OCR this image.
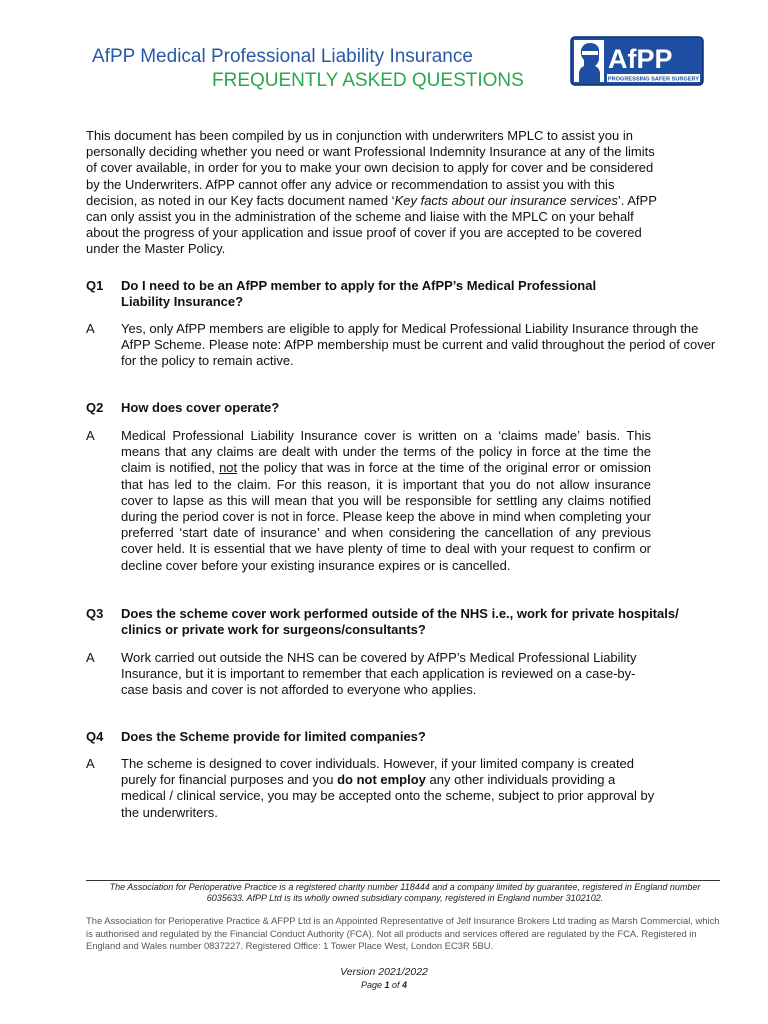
AfPP Medical Professional Liability Insurance
FREQUENTLY ASKED QUESTIONS
AfPP
PROGRESSING SAFER SURGERY
This document has been compiled by us in conjunction with underwriters MPLC to assist you in personally deciding whether you need or want Professional Indemnity Insurance at any of the limits of cover available, in order for you to make your own decision to apply for cover and be considered by the Underwriters. AfPP cannot offer any advice or recommendation to assist you with this decision, as noted in our Key facts document named ‘Key facts about our insurance services’. AfPP can only assist you in the administration of the scheme and liaise with the MPLC on your behalf about the progress of your application and issue proof of cover if you are accepted to be covered under the Master Policy.
Q1	Do I need to be an AfPP member to apply for the AfPP’s Medical Professional Liability Insurance?
A	Yes, only AfPP members are eligible to apply for Medical Professional Liability Insurance through the AfPP Scheme. Please note: AfPP membership must be current and valid throughout the period of cover for the policy to remain active.
Q2	How does cover operate?
A	Medical Professional Liability Insurance cover is written on a ‘claims made’ basis. This means that any claims are dealt with under the terms of the policy in force at the time the claim is notified, not the policy that was in force at the time of the original error or omission that has led to the claim. For this reason, it is important that you do not allow insurance cover to lapse as this will mean that you will be responsible for settling any claims notified during the period cover is not in force. Please keep the above in mind when completing your preferred ‘start date of insurance’ and when considering the cancellation of any previous cover held. It is essential that we have plenty of time to deal with your request to confirm or decline cover before your existing insurance expires or is cancelled.
Q3	Does the scheme cover work performed outside of the NHS i.e., work for private hospitals/ clinics or private work for surgeons/consultants?
A	Work carried out outside the NHS can be covered by AfPP’s Medical Professional Liability Insurance, but it is important to remember that each application is reviewed on a case-by-case basis and cover is not afforded to everyone who applies.
Q4	Does the Scheme provide for limited companies?
A	The scheme is designed to cover individuals. However, if your limited company is created purely for financial purposes and you do not employ any other individuals providing a medical / clinical service, you may be accepted onto the scheme, subject to prior approval by the underwriters.
The Association for Perioperative Practice is a registered charity number 118444 and a company limited by guarantee, registered in England number 6035633. AfPP Ltd is its wholly owned subsidiary company, registered in England number 3102102.
The Association for Perioperative Practice & AFPP Ltd is an Appointed Representative of Jelf Insurance Brokers Ltd trading as Marsh Commercial, which is authorised and regulated by the Financial Conduct Authority (FCA). Not all products and services offered are regulated by the FCA. Registered in England and Wales number 0837227. Registered Office: 1 Tower Place West, London EC3R 5BU.
Version 2021/2022
Page 1 of 4
